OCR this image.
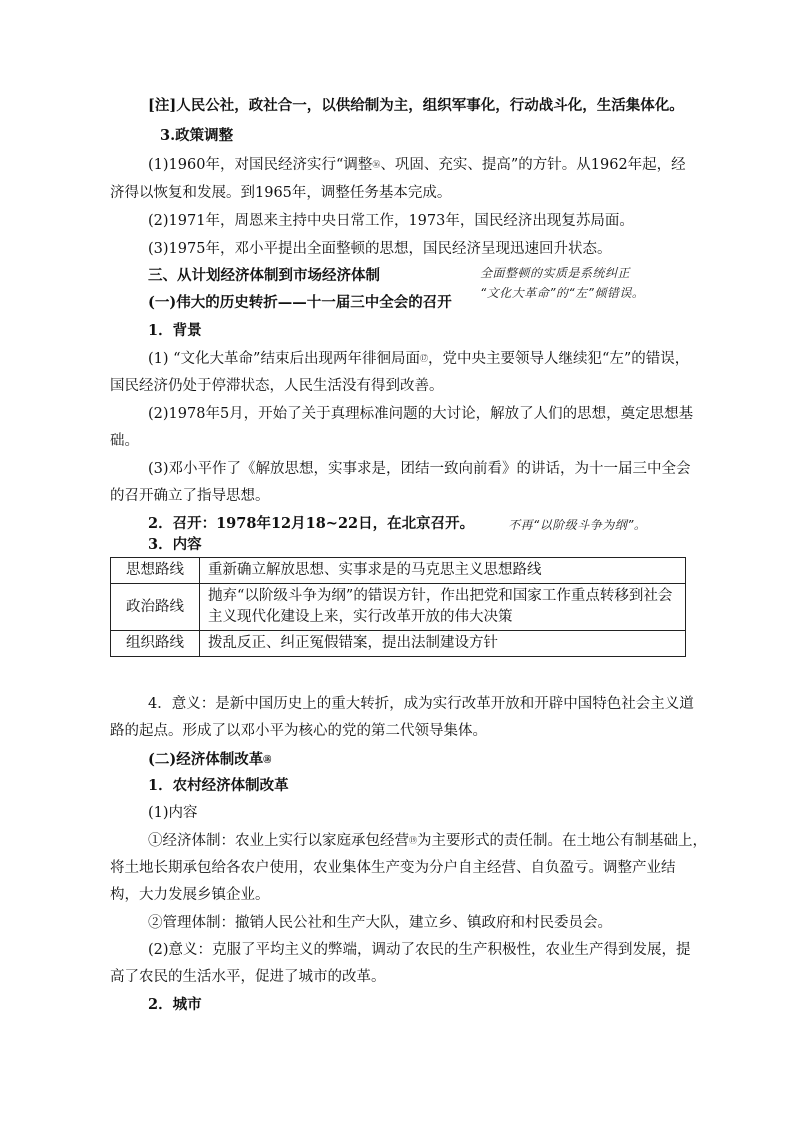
[注]人民公社，政社合一，以供给制为主，组织军事化，行动战斗化，生活集体化。
3.政策调整
(1)1960年，对国民经济实行“调整⑯、巩固、充实、提高”的方针。从1962年起，经
济得以恢复和发展。到1965年，调整任务基本完成。
(2)1971年，周恩来主持中央日常工作，1973年，国民经济出现复苏局面。
(3)1975年，邓小平提出全面整顿的思想，国民经济呈现迅速回升状态。
三、从计划经济体制到市场经济体制	全面整顿的实质是系统纠正
“文化大革命”的“左”倾错误。
(一)伟大的历史转折——十一届三中全会的召开
1．背景
(1) “文化大革命”结束后出现两年徘徊局面⑰，党中央主要领导人继续犯“左”的错误，
国民经济仍处于停滞状态，人民生活没有得到改善。
(2)1978年5月，开始了关于真理标准问题的大讨论，解放了人们的思想，奠定思想基
础。
(3)邓小平作了《解放思想，实事求是，团结一致向前看》的讲话，为十一届三中全会
的召开确立了指导思想。
2．召开：1978年12月18~22日，在北京召开。	不再“以阶级斗争为纲”。
3．内容
思想路线	重新确立解放思想、实事求是的马克思主义思想路线
政治路线	抛弃“以阶级斗争为纲”的错误方针，作出把党和国家工作重点转移到社会主义现代化建设上来，实行改革开放的伟大决策
组织路线	拨乱反正、纠正冤假错案，提出法制建设方针
4．意义：是新中国历史上的重大转折，成为实行改革开放和开辟中国特色社会主义道
路的起点。形成了以邓小平为核心的党的第二代领导集体。
(二)经济体制改革⑱
1．农村经济体制改革
(1)内容
①经济体制：农业上实行以家庭承包经营⑲为主要形式的责任制。在土地公有制基础上，
将土地长期承包给各农户使用，农业集体生产变为分户自主经营、自负盈亏。调整产业结
构，大力发展乡镇企业。
②管理体制：撤销人民公社和生产大队，建立乡、镇政府和村民委员会。
(2)意义：克服了平均主义的弊端，调动了农民的生产积极性，农业生产得到发展，提
高了农民的生活水平，促进了城市的改革。
2．城市
